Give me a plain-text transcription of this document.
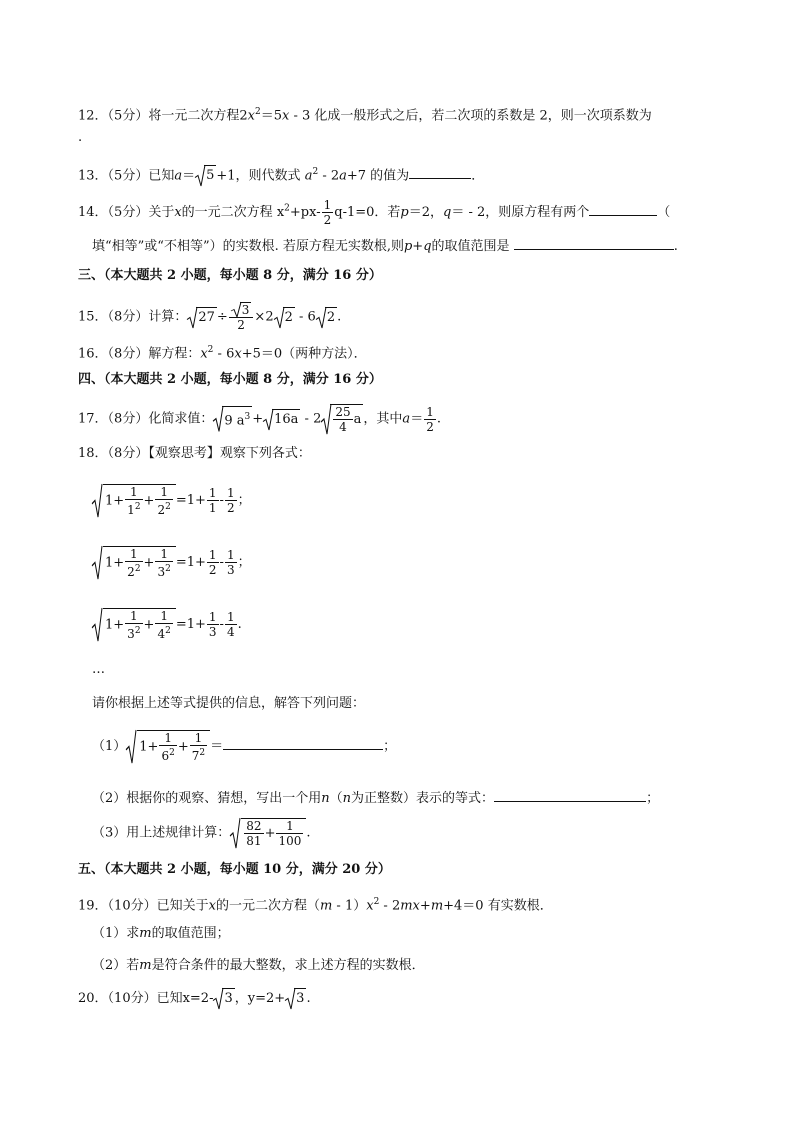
12．（5分）将一元二次方程$2x^2=5x - 3$ 化成一般形式之后，若二次项的系数是 2，则一次项系数为
.
13．（5分）已知a＝ 5 +1，则代数式 $a^2 - 2a+7$ 的值为	．
14．（5分）关于x的一元二次方程 $x^2+px- \frac{1}{2} q-1=0$．若p＝2，q＝ - 2，则原方程有两个	（
填“相等”或“不相等”）的实数根. 若原方程无实数根,则p+q的取值范围是	.
三、（本大题共 2 小题，每小题 8 分，满分 16 分）
15．（8分）计算： $27 \div \frac{3}{2} \times 2$ 2 - 6 2 .
16．（8分）解方程：$x^2 - 6x+5=0$（两种方法）．
四、（本大题共 2 小题，每小题 8 分，满分 16 分）
17．（8分）化简求值： 9 $a^3 + 16a - 2 \frac{25}{4}$ a ，其中$a= \frac{1}{2}$ .
18．（8分）【观察思考】观察下列各式：
$1+ \frac{1}{1^2} + \frac{1}{2^2} =1+ \frac{1}{1} - \frac{1}{2}$ ；
$1+ \frac{1}{2^2} + \frac{1}{3^2} =1+ \frac{1}{2} - \frac{1}{3}$ ；
$1+ \frac{1}{3^2} + \frac{1}{4^2} =1+ \frac{1}{3} - \frac{1}{4}$ .
…
请你根据上述等式提供的信息，解答下列问题：
（1） $1+ \frac{1}{6^2} + \frac{1}{7^2}$ ＝	；
（2）根据你的观察、猜想，写出一个用n（n为正整数）表示的等式：	；
（3）用上述规律计算： $\frac{82}{81} + \frac{1}{100}$ .
五、（本大题共 2 小题，每小题 10 分，满分 20 分）
19．（10分）已知关于x的一元二次方程$(m - 1)x^2 - 2mx+m+4=0$ 有实数根．
（1）求m的取值范围；
（2）若m是符合条件的最大整数，求上述方程的实数根．
20．（10分）已知x=2- 3 ，y=2+ 3 .
